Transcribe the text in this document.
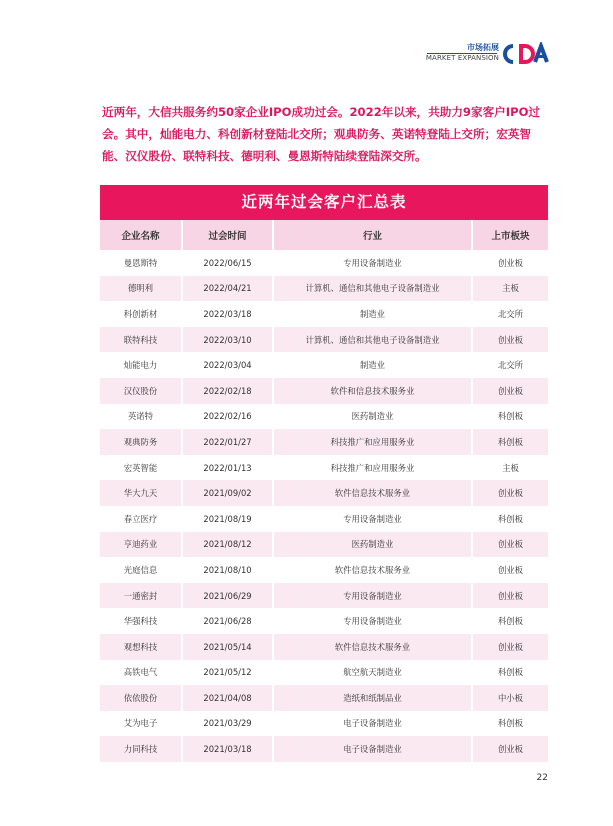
市场拓展
MARKET EXPANSION

近两年，大信共服务约50家企业IPO成功过会。2022年以来，共助力9家客户IPO过会。其中，灿能电力、科创新材登陆北交所；观典防务、英诺特登陆上交所；宏英智能、汉仪股份、联特科技、德明利、曼恩斯特陆续登陆深交所。

近两年过会客户汇总表
企业名称	过会时间	行业	上市板块
曼恩斯特	2022/06/15	专用设备制造业	创业板
德明利	2022/04/21	计算机、通信和其他电子设备制造业	主板
科创新材	2022/03/18	制造业	北交所
联特科技	2022/03/10	计算机、通信和其他电子设备制造业	创业板
灿能电力	2022/03/04	制造业	北交所
汉仪股份	2022/02/18	软件和信息技术服务业	创业板
英诺特	2022/02/16	医药制造业	科创板
观典防务	2022/01/27	科技推广和应用服务业	科创板
宏英智能	2022/01/13	科技推广和应用服务业	主板
华大九天	2021/09/02	软件信息技术服务业	创业板
春立医疗	2021/08/19	专用设备制造业	科创板
亨迪药业	2021/08/12	医药制造业	创业板
光庭信息	2021/08/10	软件信息技术服务业	创业板
一通密封	2021/06/29	专用设备制造业	创业板
华强科技	2021/06/28	专用设备制造业	科创板
观想科技	2021/05/14	软件信息技术服务业	创业板
高铁电气	2021/05/12	航空航天制造业	科创板
依依股份	2021/04/08	造纸和纸制品业	中小板
艾为电子	2021/03/29	电子设备制造业	科创板
力同科技	2021/03/18	电子设备制造业	创业板
22
